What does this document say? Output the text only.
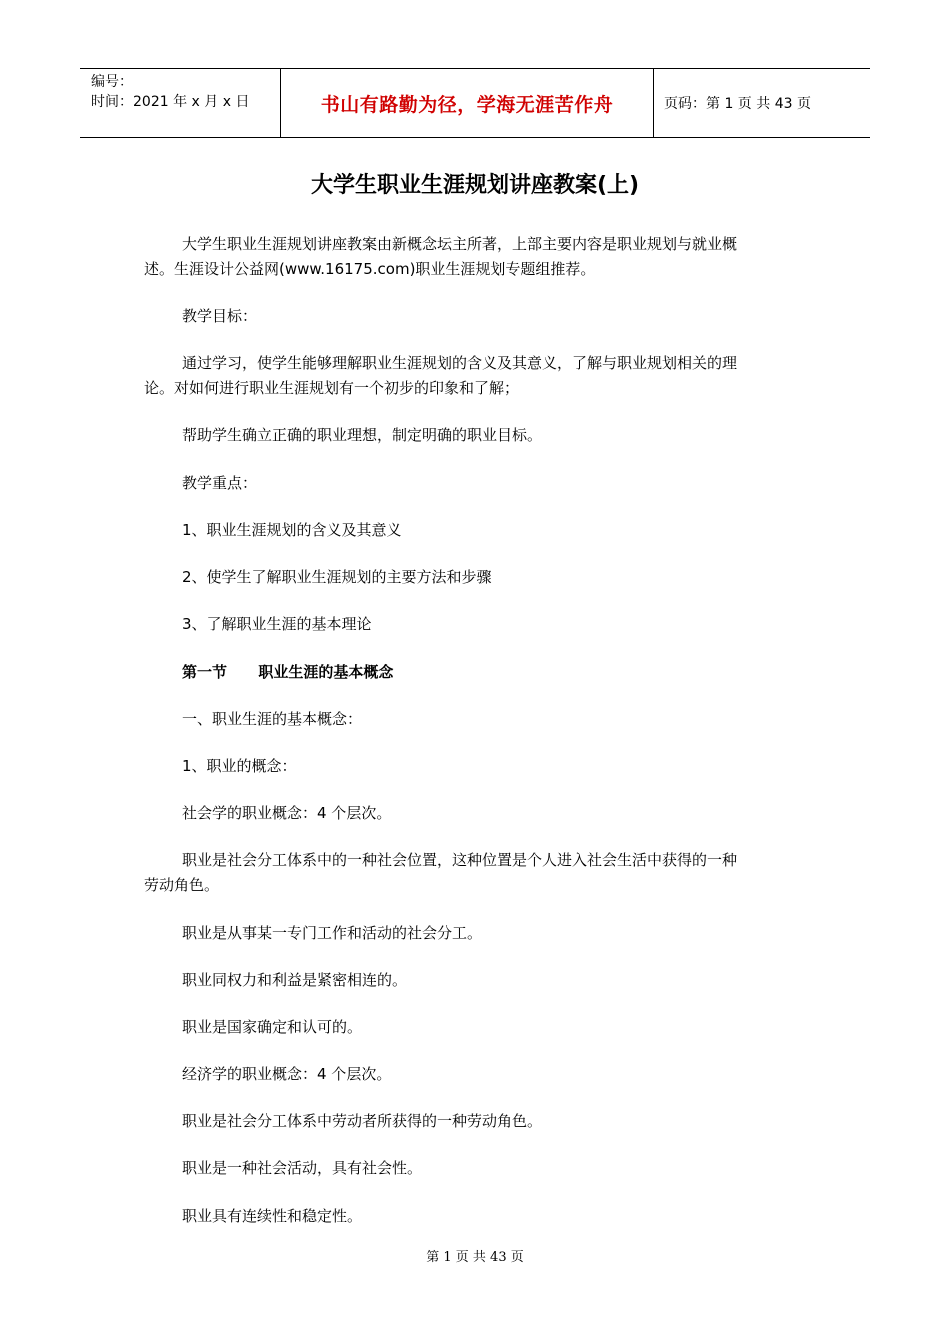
编号：
时间：2021 年 x 月 x 日	书山有路勤为径，学海无涯苦作舟	页码：第 1 页 共 43 页
大学生职业生涯规划讲座教案(上)
大学生职业生涯规划讲座教案由新概念坛主所著，上部主要内容是职业规划与就业概
述。生涯设计公益网(www.16175.com)职业生涯规划专题组推荐。
教学目标：
通过学习，使学生能够理解职业生涯规划的含义及其意义，了解与职业规划相关的理
论。对如何进行职业生涯规划有一个初步的印象和了解；
帮助学生确立正确的职业理想，制定明确的职业目标。
教学重点：
1、职业生涯规划的含义及其意义
2、使学生了解职业生涯规划的主要方法和步骤
3、了解职业生涯的基本理论
第一节      职业生涯的基本概念
一、职业生涯的基本概念：
1、职业的概念：
社会学的职业概念：4 个层次。
职业是社会分工体系中的一种社会位置，这种位置是个人进入社会生活中获得的一种
劳动角色。
职业是从事某一专门工作和活动的社会分工。
职业同权力和利益是紧密相连的。
职业是国家确定和认可的。
经济学的职业概念：4 个层次。
职业是社会分工体系中劳动者所获得的一种劳动角色。
职业是一种社会活动，具有社会性。
职业具有连续性和稳定性。
第 1 页 共 43 页
